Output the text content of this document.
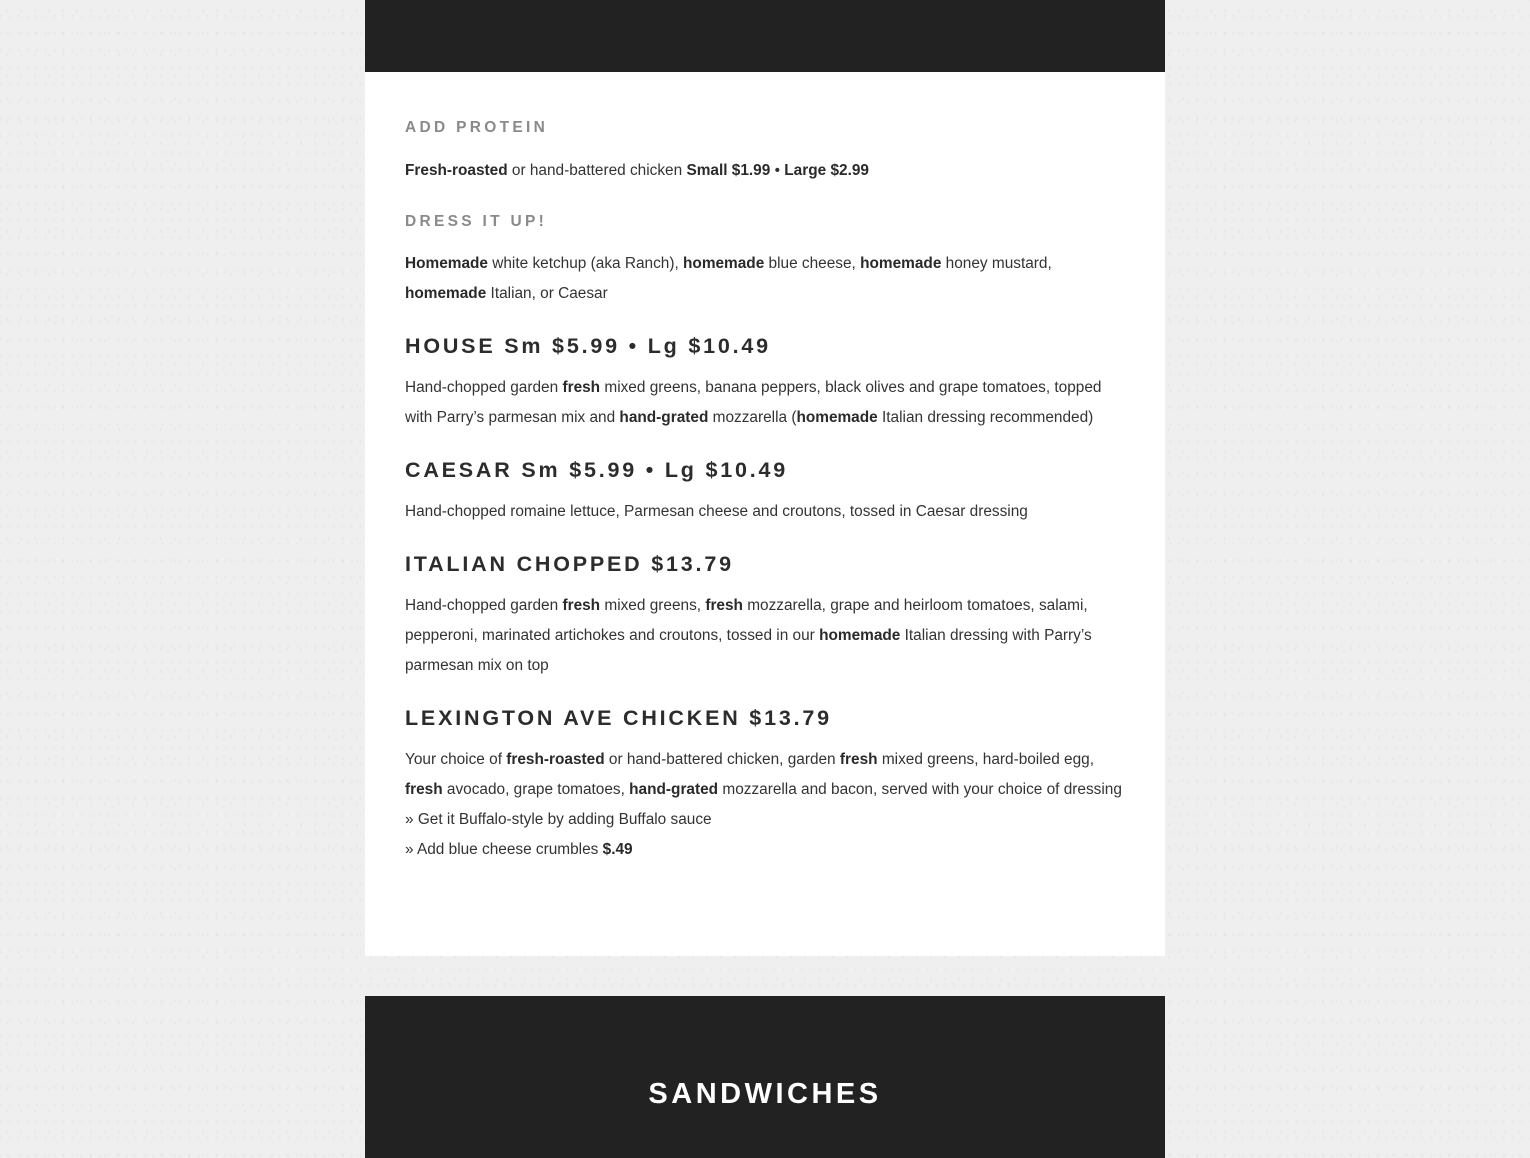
ADD PROTEIN

Fresh-roasted or hand-battered chicken Small $1.99 • Large $2.99

DRESS IT UP!

Homemade white ketchup (aka Ranch), homemade blue cheese, homemade honey mustard, homemade Italian, or Caesar

HOUSE Sm $5.99 • Lg $10.49

Hand-chopped garden fresh mixed greens, banana peppers, black olives and grape tomatoes, topped with Parry’s parmesan mix and hand-grated mozzarella (homemade Italian dressing recommended)

CAESAR Sm $5.99 • Lg $10.49

Hand-chopped romaine lettuce, Parmesan cheese and croutons, tossed in Caesar dressing

ITALIAN CHOPPED $13.79

Hand-chopped garden fresh mixed greens, fresh mozzarella, grape and heirloom tomatoes, salami, pepperoni, marinated artichokes and croutons, tossed in our homemade Italian dressing with Parry’s parmesan mix on top

LEXINGTON AVE CHICKEN $13.79

Your choice of fresh-roasted or hand-battered chicken, garden fresh mixed greens, hard-boiled egg, fresh avocado, grape tomatoes, hand-grated mozzarella and bacon, served with your choice of dressing

» Get it Buffalo-style by adding Buffalo sauce

» Add blue cheese crumbles $.49

SANDWICHES
